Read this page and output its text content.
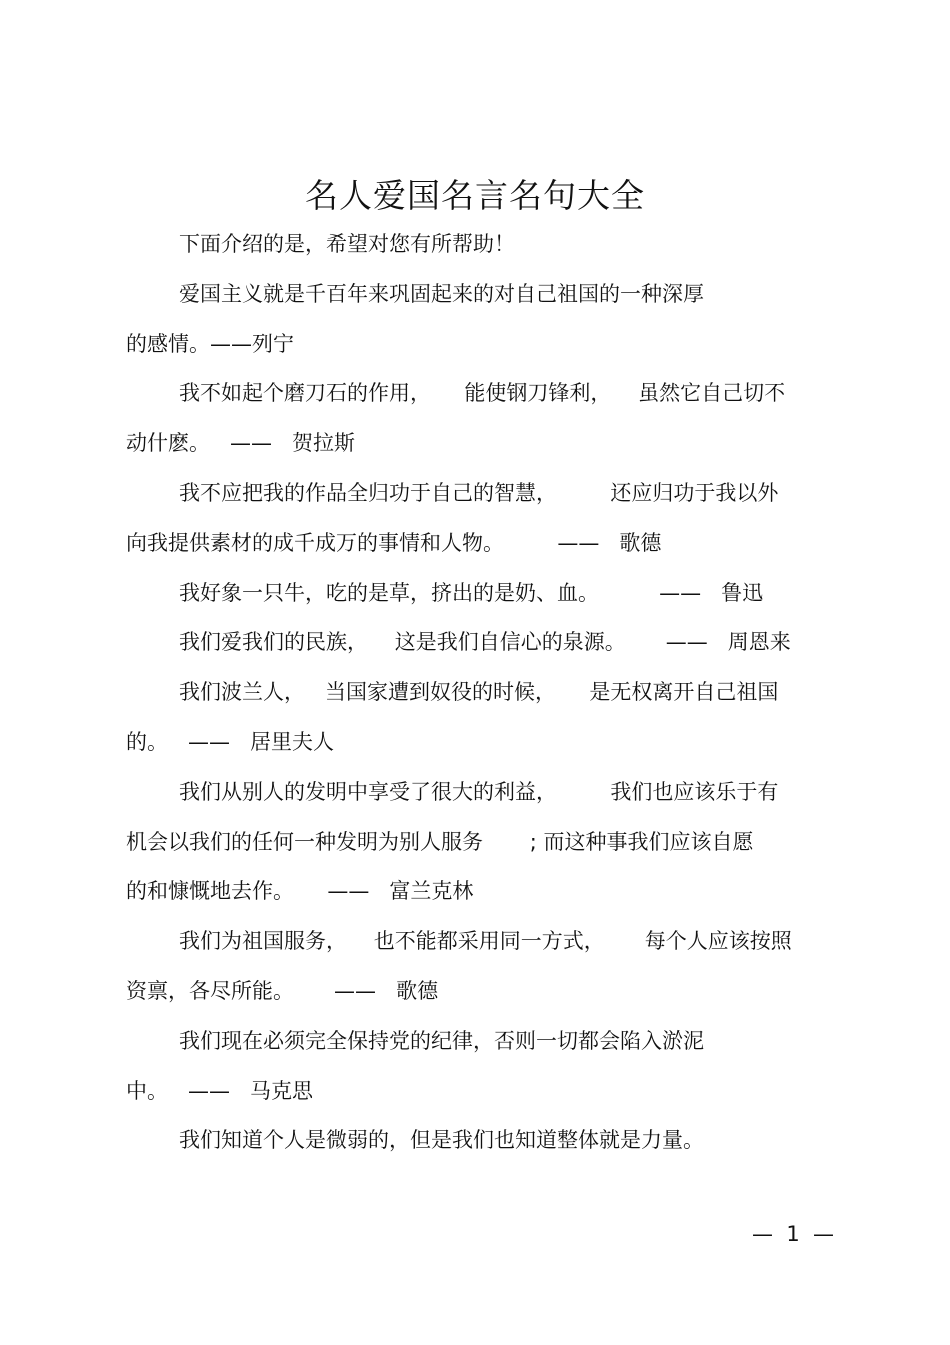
名人爱国名言名句大全
下面介绍的是，希望对您有所帮助！
爱国主义就是千百年来巩固起来的对自己祖国的一种深厚
的感情。——列宁
我不如起个磨刀石的作用，     能使钢刀锋利，    虽然它自己切不
动什麽。   ——   贺拉斯
我不应把我的作品全归功于自己的智慧，        还应归功于我以外
向我提供素材的成千成万的事情和人物。        ——   歌德
我好象一只牛，吃的是草，挤出的是奶、血。         ——   鲁迅
我们爱我们的民族，    这是我们自信心的泉源。      ——   周恩来
我们波兰人，   当国家遭到奴役的时候，     是无权离开自己祖国
的。   ——   居里夫人
我们从别人的发明中享受了很大的利益，        我们也应该乐于有
机会以我们的任何一种发明为别人服务       ; 而这种事我们应该自愿
的和慷慨地去作。     ——   富兰克林
我们为祖国服务，    也不能都采用同一方式，      每个人应该按照
资禀，各尽所能。      ——   歌德
我们现在必须完全保持党的纪律，否则一切都会陷入淤泥
中。   ——   马克思
我们知道个人是微弱的，但是我们也知道整体就是力量。
—  1  —
